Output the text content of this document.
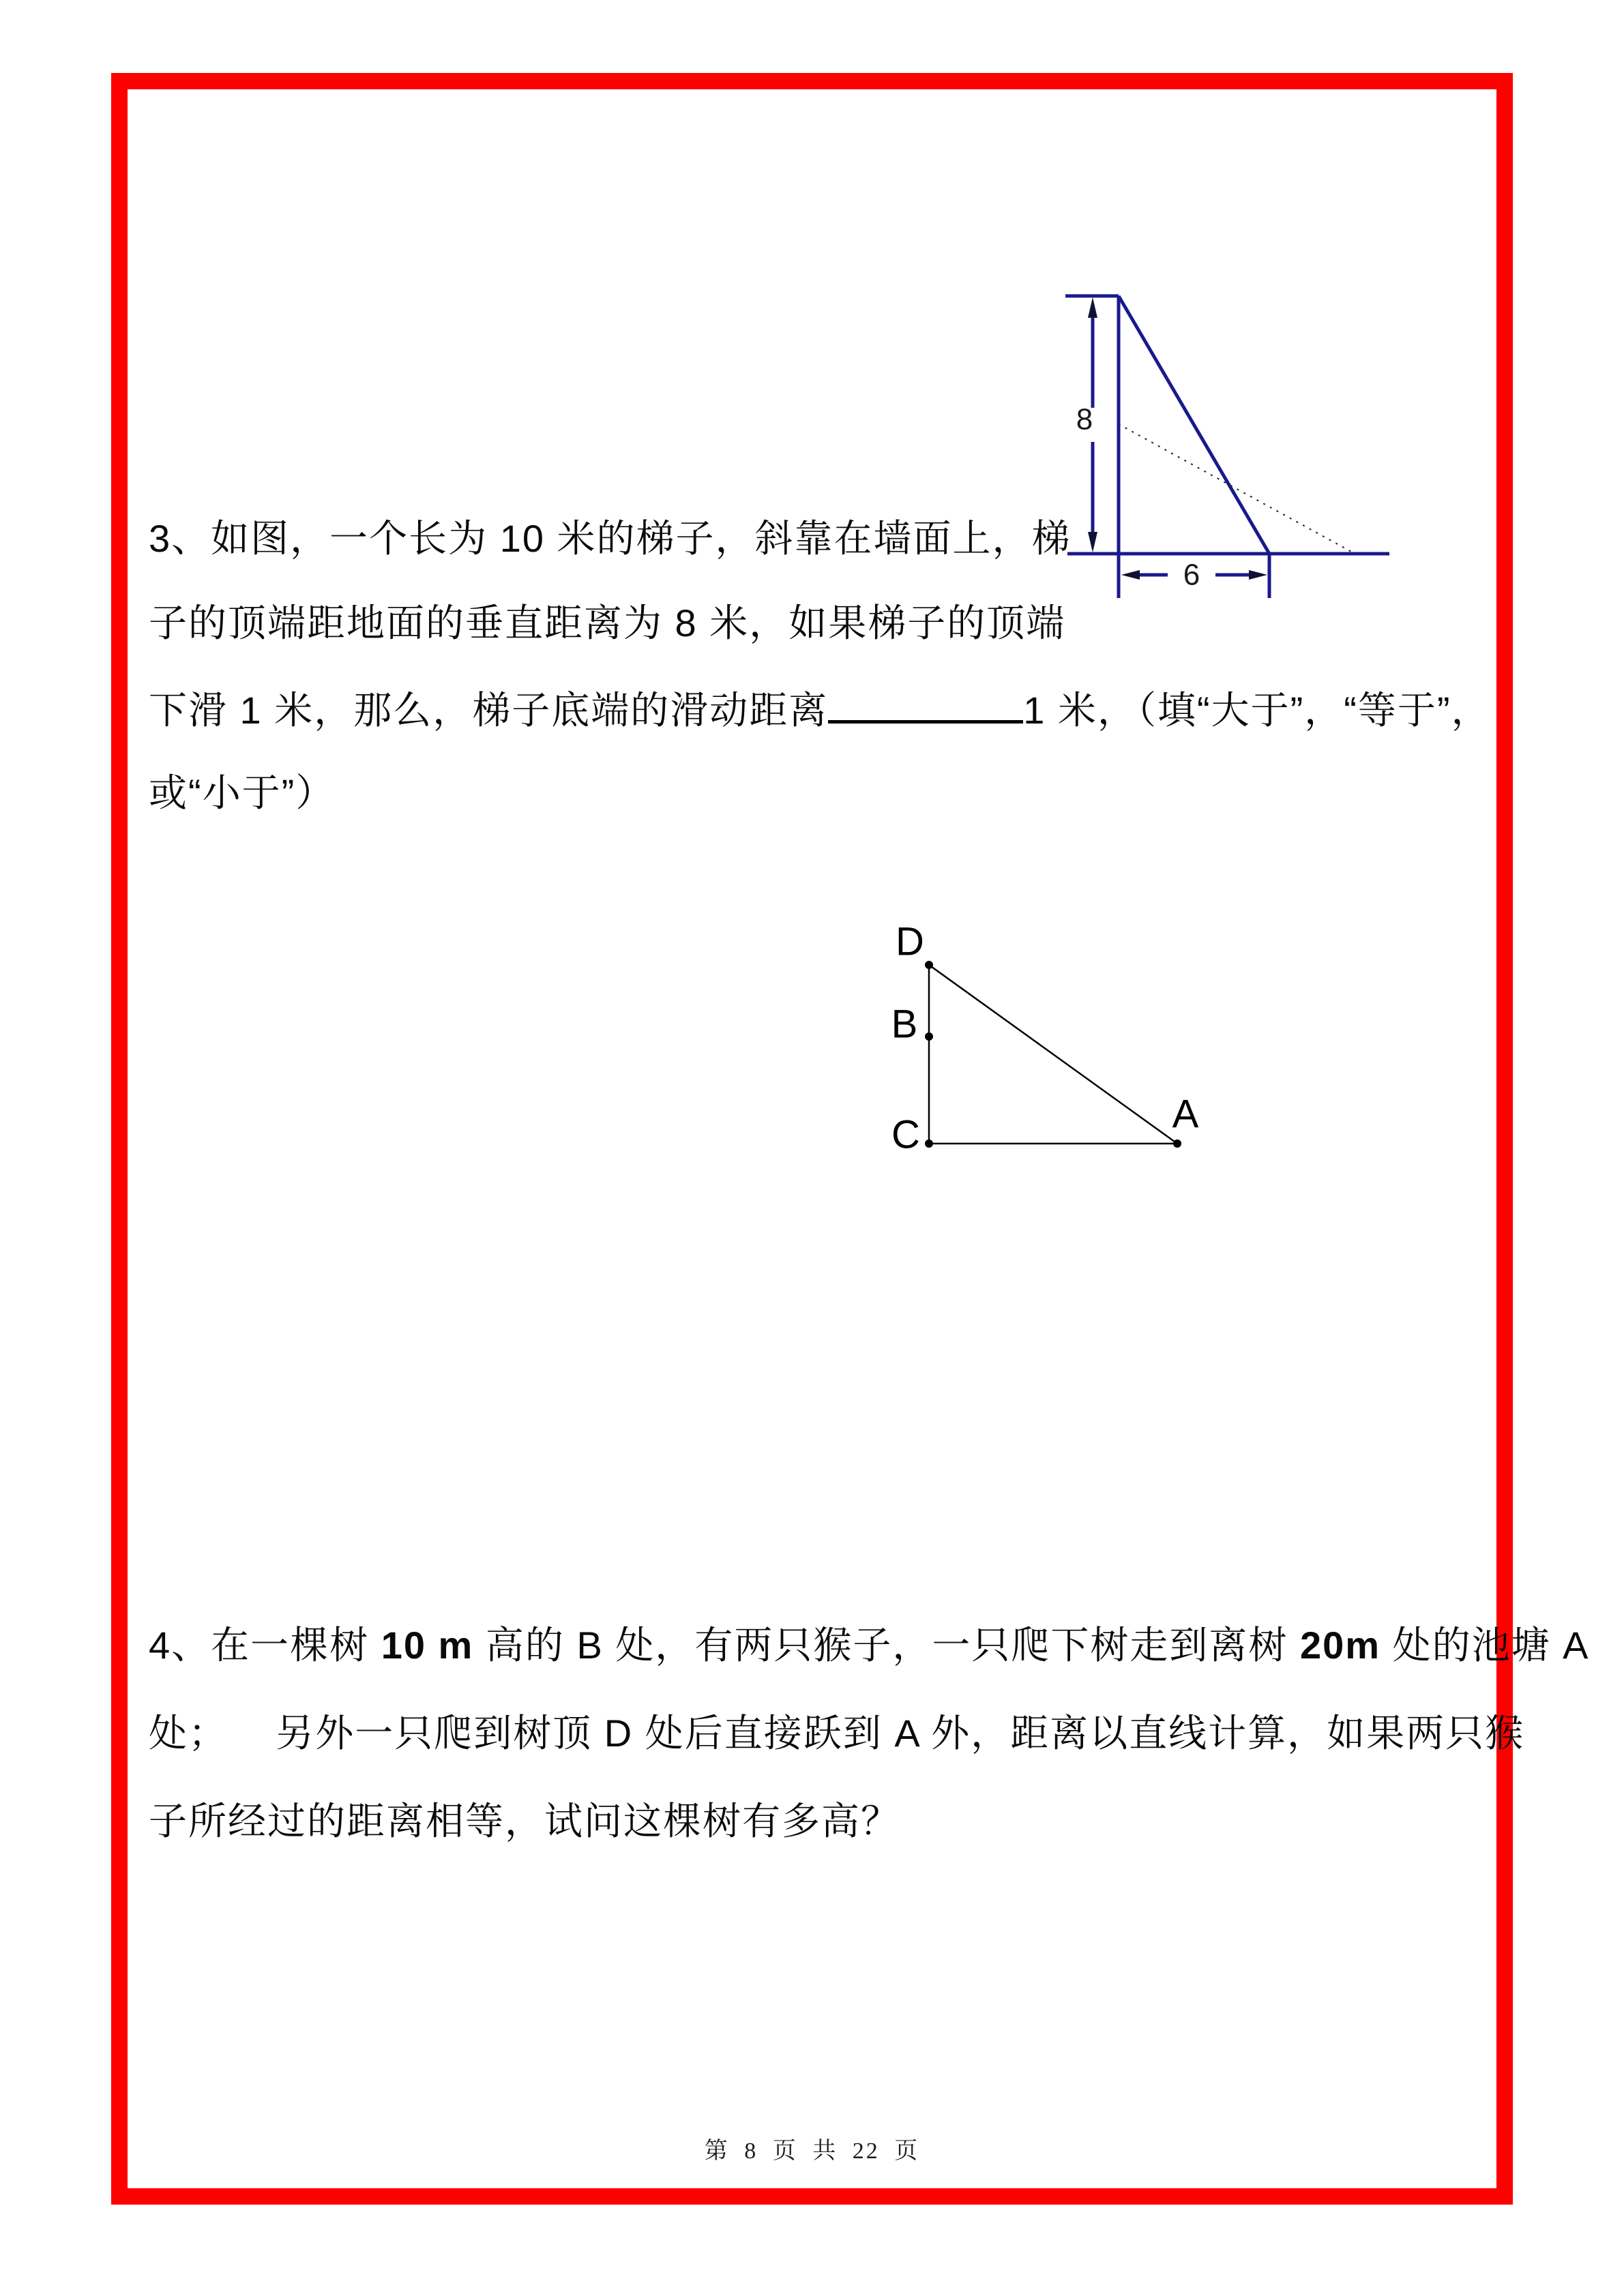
3、如图，一个长为 10 米的梯子，斜靠在墙面上，梯
子的顶端距地面的垂直距离为 8 米，如果梯子的顶端
下滑 1 米，那么，梯子底端的滑动距离	1 米，（填“大于”，“等于”，
或“小于”）
8
6
D
B
C	A
4、在一棵树 10 m 高的 B 处，有两只猴子，一只爬下树走到离树 20m 处的池塘 A
处；    另外一只爬到树顶 D 处后直接跃到 A 外，距离以直线计算，如果两只猴
子所经过的距离相等，试问这棵树有多高？
第 8 页 共 22 页
